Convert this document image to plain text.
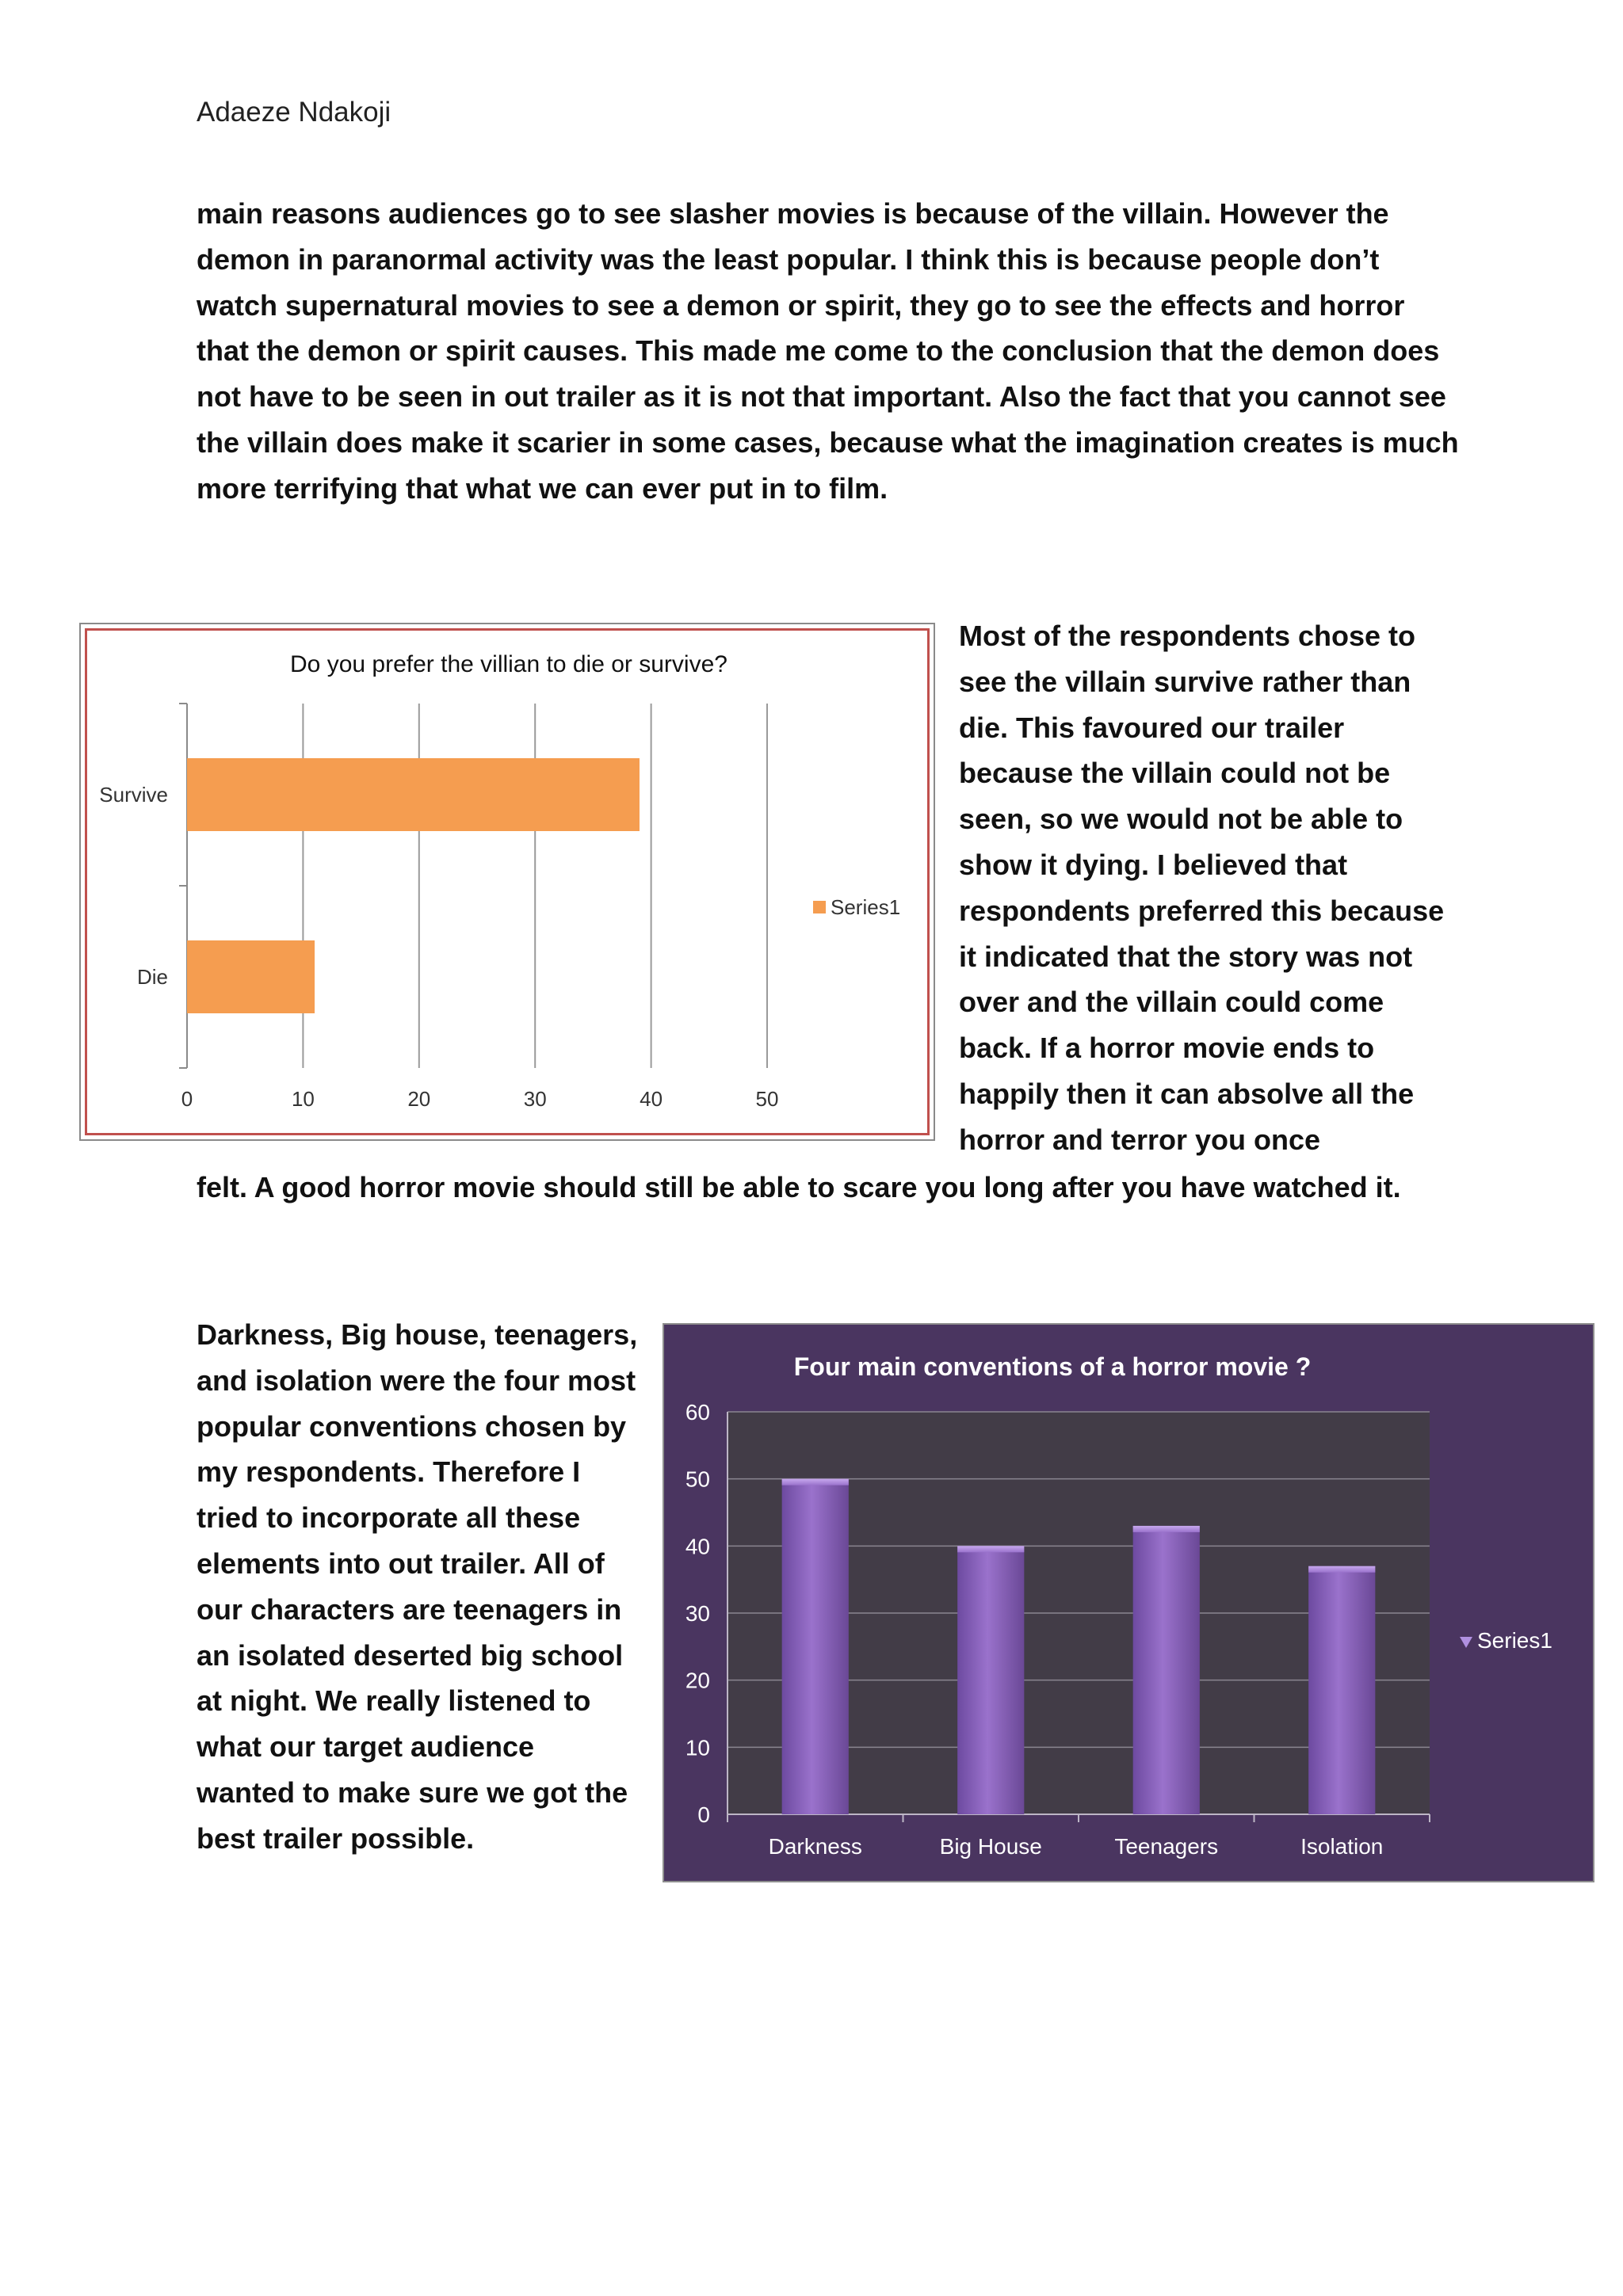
Adaeze Ndakoji

main reasons audiences go to see slasher movies is because of the villain. However the demon in paranormal activity was the least popular. I think this is because people don’t watch supernatural movies to see a demon or spirit, they go to see the effects and horror that the demon or spirit causes. This made me come to the conclusion that the demon does not have to be seen in out trailer as it is not that important. Also the fact that you cannot see the villain does make it scarier in some cases, because what the imagination creates is much more terrifying that what we can ever put in to film.

Do you prefer the villian to die or survive?
0	10	20	30	40	50
Survive
Die
Series1

Most of the respondents chose to see the villain survive rather than die. This favoured our trailer because the villain could not be seen, so we would not be able to show it dying. I believed that respondents preferred this because it indicated that the story was not over and the villain could come back. If a horror movie ends to happily then it can absolve all the horror and terror you once

felt. A good horror movie should still be able to scare you long after you have watched it.

Darkness, Big house, teenagers, and isolation were the four most popular conventions chosen by my respondents. Therefore I tried to incorporate all these elements into out trailer. All of our characters are teenagers in an isolated deserted big school at night. We really listened to what our target audience wanted to make sure we got the best trailer possible.

Four main conventions of a horror movie ?
0
10
20
30
40
50
60
Darkness	Big House	Teenagers	Isolation
Series1
